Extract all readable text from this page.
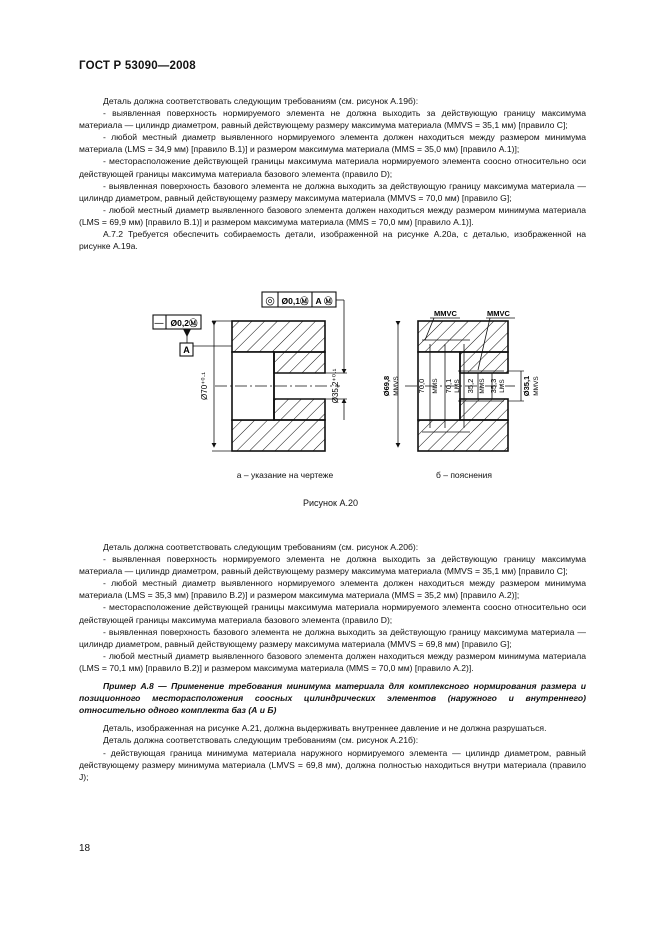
ГОСТ Р 53090—2008

Деталь должна соответствовать следующим требованиям (см. рисунок А.19б):

- выявленная поверхность нормируемого элемента не должна выходить за действующую границу максимума материала — цилиндр диаметром, равный действующему размеру максимума материала (MMVS = 35,1 мм) [правило С];

- любой местный диаметр выявленного нормируемого элемента должен находиться между размером минимума материала (LMS = 34,9 мм) [правило В.1)] и размером максимума материала (MMS = 35,0 мм) [правило А.1)];

- месторасположение действующей границы максимума материала нормируемого элемента соосно относительно оси действующей границы максимума материала базового элемента (правило D);

- выявленная поверхность базового элемента не должна выходить за действующую границу максимума материала — цилиндр диаметром, равный действующему размеру максимума материала (MMVS = 70,0 мм) [правило G];

- любой местный диаметр выявленного базового элемента должен находиться между размером минимума материала (LMS = 69,9 мм) [правило В.1)] и размером максимума материала (MMS = 70,0 мм) [правило А.1)].

А.7.2 Требуется обеспечить собираемость детали, изображенной на рисунке А.20а, с деталью, изображенной на рисунке А.19а.

◎ Ø0,1Ⓜ А Ⓜ
— Ø0,2Ⓜ
А
Ø70⁺⁰·¹	Ø35,2⁺⁰·¹
MMVC	MMVC
Ø69,8 MMVS 70,0 MMS 70,1 LMS 35,2 MMS 35,3 LMS Ø35,1 MMVS
а – указание на чертеже	б – пояснения
Рисунок А.20

Деталь должна соответствовать следующим требованиям (см. рисунок А.20б):

- выявленная поверхность нормируемого элемента не должна выходить за действующую границу максимума материала — цилиндр диаметром, равный действующему размеру максимума материала (MMVS = 35,1 мм) [правило С];

- любой местный диаметр выявленного нормируемого элемента должен находиться между размером минимума материала (LMS = 35,3 мм) [правило В.2)] и размером максимума материала (MMS = 35,2 мм) [правило А.2)];

- месторасположение действующей границы максимума материала нормируемого элемента соосно относительно оси действующей границы максимума материала базового элемента (правило D);

- выявленная поверхность базового элемента не должна выходить за действующую границу максимума материала — цилиндр диаметром, равный действующему размеру максимума материала (MMVS = 69,8 мм) [правило G];

- любой местный диаметр выявленного базового элемента должен находиться между размером минимума материала (LMS = 70,1 мм) [правило В.2)] и размером максимума материала (MMS = 70,0 мм) [правило А.2)].

Пример А.8 — Применение требования минимума материала для комплексного нормирования размера и позиционного месторасположения соосных цилиндрических элементов (наружного и внутреннего) относительно одного комплекта баз (А и Б)

Деталь, изображенная на рисунке А.21, должна выдерживать внутреннее давление и не должна разрушаться.

Деталь должна соответствовать следующим требованиям (см. рисунок А.21б):

- действующая граница минимума материала наружного нормируемого элемента — цилиндр диаметром, равный действующему размеру минимума материала (LMVS = 69,8 мм), должна полностью находиться внутри материала (правило J);

18
